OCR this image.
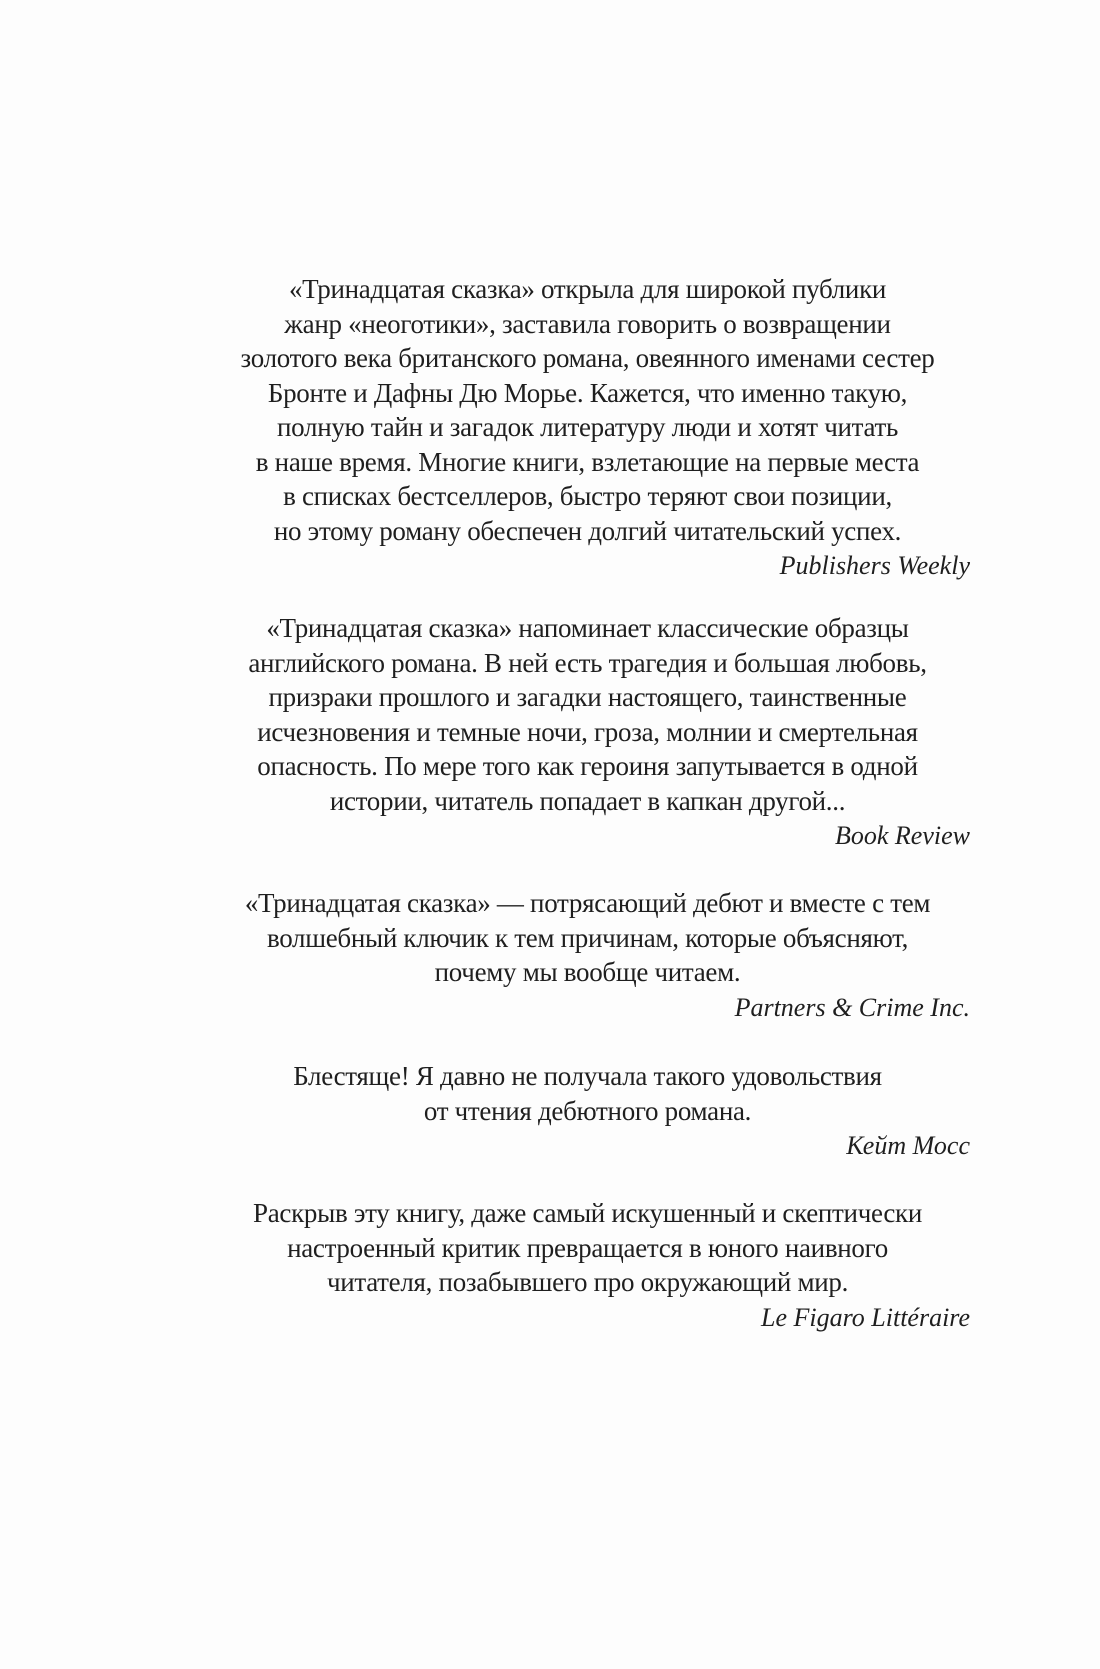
«Тринадцатая сказка» открыла для широкой публики
жанр «неоготики», заставила говорить о возвращении
золотого века британского романа, овеянного именами сестер
Бронте и Дафны Дю Морье. Кажется, что именно такую,
полную тайн и загадок литературу люди и хотят читать
в наше время. Многие книги, взлетающие на первые места
в списках бестселлеров, быстро теряют свои позиции,
но этому роману обеспечен долгий читательский успех.
Publishers Weekly
«Тринадцатая сказка» напоминает классические образцы
английского романа. В ней есть трагедия и большая любовь,
призраки прошлого и загадки настоящего, таинственные
исчезновения и темные ночи, гроза, молнии и смертельная
опасность. По мере того как героиня запутывается в одной
истории, читатель попадает в капкан другой...
Book Review
«Тринадцатая сказка» — потрясающий дебют и вместе с тем
волшебный ключик к тем причинам, которые объясняют,
почему мы вообще читаем.
Partners & Crime Inc.
Блестяще! Я давно не получала такого удовольствия
от чтения дебютного романа.
Кейт Мосс
Раскрыв эту книгу, даже самый искушенный и скептически
настроенный критик превращается в юного наивного
читателя, позабывшего про окружающий мир.
Le Figaro Littéraire
